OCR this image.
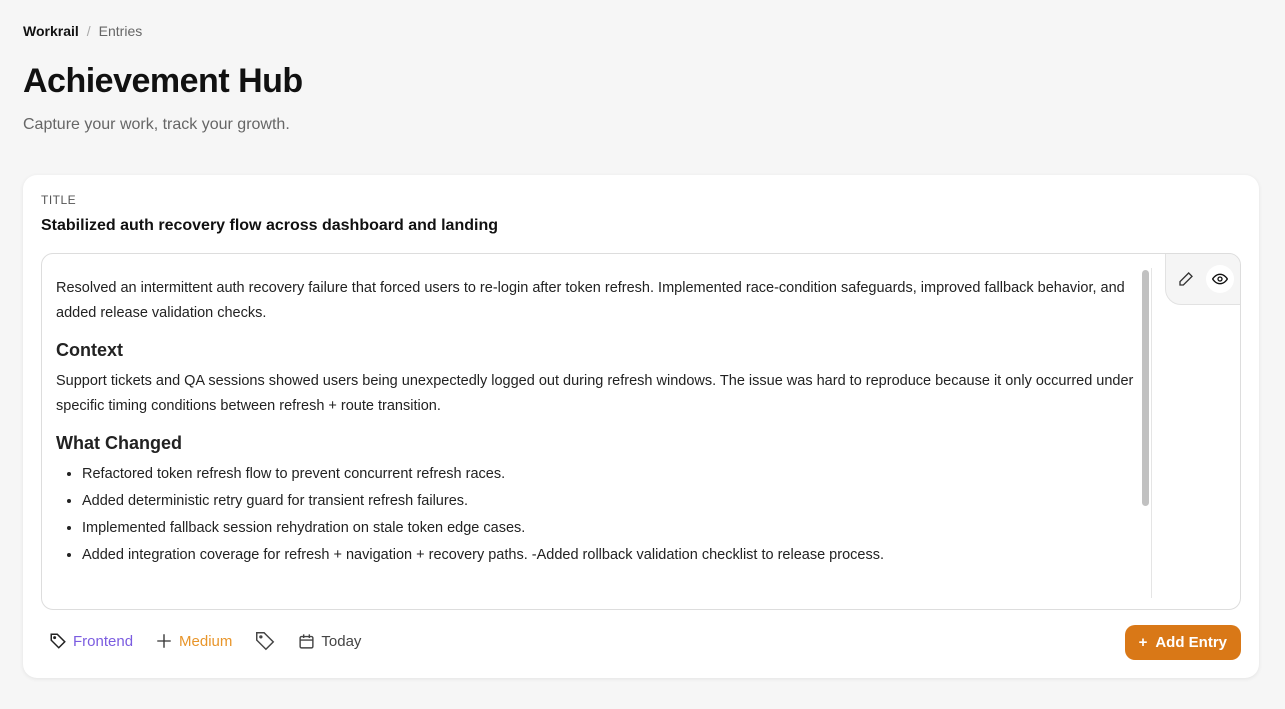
Workrail / Entries
Achievement Hub
Capture your work, track your growth.
TITLE
Stabilized auth recovery flow across dashboard and landing

Resolved an intermittent auth recovery failure that forced users to re-login after token refresh. Implemented race-condition safeguards, improved fallback behavior, and added release validation checks.

Context

Support tickets and QA sessions showed users being unexpectedly logged out during refresh windows. The issue was hard to reproduce because it only occurred under specific timing conditions between refresh + route transition.

What Changed
• Refactored token refresh flow to prevent concurrent refresh races.
• Added deterministic retry guard for transient refresh failures.
• Implemented fallback session rehydration on stale token edge cases.
• Added integration coverage for refresh + navigation + recovery paths. -Added rollback validation checklist to release process.
Frontend	Medium	Today	+ Add Entry
